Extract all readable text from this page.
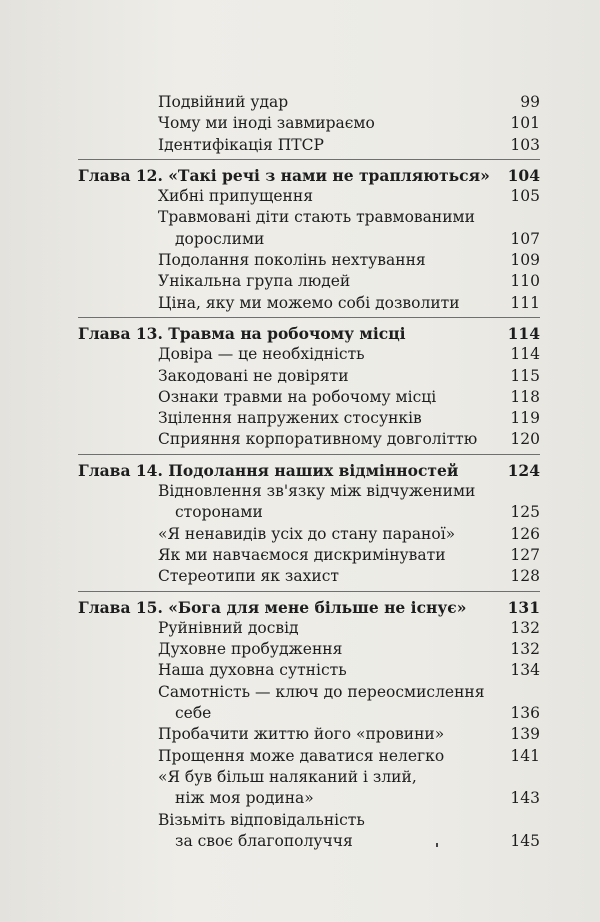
Подвійний удар	99
Чому ми іноді завмираємо	101
Ідентифікація ПТСР	103
Глава 12. «Такі речі з нами не трапляються» 104
Хибні припущення	105
Травмовані діти стають травмованими
дорослими	107
Подолання поколінь нехтування	109
Унікальна група людей	110
Ціна, яку ми можемо собі дозволити	111
Глава 13. Травма на робочому місці	114
Довіра — це необхідність	114
Закодовані не довіряти	115
Ознаки травми на робочому місці	118
Зцілення напружених стосунків	119
Сприяння корпоративному довголіттю 120
Глава 14. Подолання наших відмінностей	124
Відновлення зв'язку між відчуженими
сторонами	125
«Я ненавидів усіх до стану параної»	126
Як ми навчаємося дискримінувати	127
Стереотипи як захист	128
Глава 15. «Бога для мене більше не існує»	131
Руйнівний досвід	132
Духовне пробудження	132
Наша духовна сутність	134
Самотність — ключ до переосмислення
себе	136
Пробачити життю його «провини»	139
Прощення може даватися нелегко	141
«Я був більш наляканий і злий,
ніж моя родина»	143
Візьміть відповідальність
за своє благополуччя	145
